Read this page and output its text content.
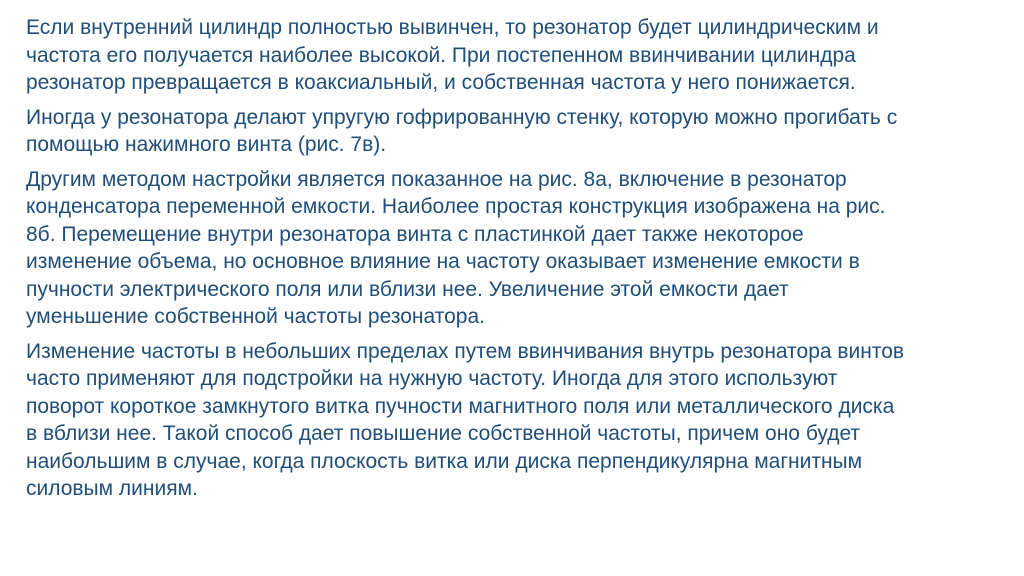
Если внутренний цилиндр полностью вывинчен, то резонатор будет цилиндрическим и
частота его получается наиболее высокой. При постепенном ввинчивании цилиндра
резонатор превращается в коаксиальный, и собственная частота у него понижается.

Иногда у резонатора делают упругую гофрированную стенку, которую можно прогибать с
помощью нажимного винта (рис. 7в).

Другим методом настройки является показанное на рис. 8а, включение в резонатор
конденсатора переменной емкости. Наиболее простая конструкция изображена на рис.
8б. Перемещение внутри резонатора винта с пластинкой дает также некоторое
изменение объема, но основное влияние на частоту оказывает изменение емкости в
пучности электрического поля или вблизи нее. Увеличение этой емкости дает
уменьшение собственной частоты резонатора.

Изменение частоты в небольших пределах путем ввинчивания внутрь резонатора винтов
часто применяют для подстройки на нужную частоту. Иногда для этого используют
поворот короткое замкнутого витка пучности магнитного поля или металлического диска
в вблизи нее. Такой способ дает повышение собственной частоты, причем оно будет
наибольшим в случае, когда плоскость витка или диска перпендикулярна магнитным
силовым линиям.
